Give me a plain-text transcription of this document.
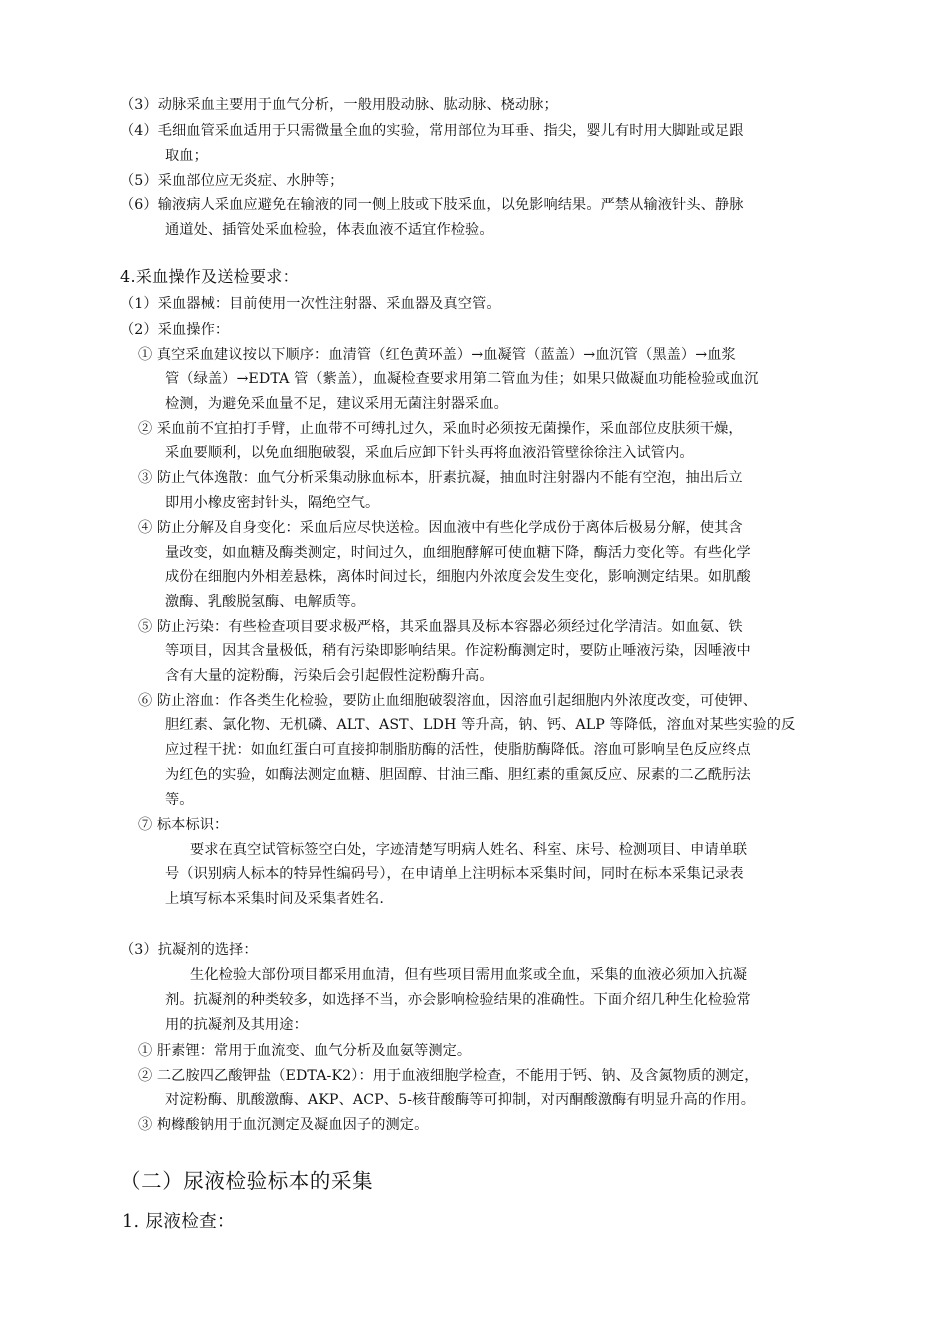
（3）动脉采血主要用于血气分析，一般用股动脉、肱动脉、桡动脉；
（4）毛细血管采血适用于只需微量全血的实验，常用部位为耳垂、指尖，婴儿有时用大脚趾或足跟
取血；
（5）采血部位应无炎症、水肿等；
（6）输液病人采血应避免在输液的同一侧上肢或下肢采血，以免影响结果。严禁从输液针头、静脉
通道处、插管处采血检验，体表血液不适宜作检验。
4.采血操作及送检要求：
（1）采血器械：目前使用一次性注射器、采血器及真空管。
（2）采血操作：
① 真空采血建议按以下顺序：血清管（红色黄环盖）→血凝管（蓝盖）→血沉管（黑盖）→血浆
管（绿盖）→EDTA 管（紫盖），血凝检查要求用第二管血为佳；如果只做凝血功能检验或血沉
检测，为避免采血量不足，建议采用无菌注射器采血。
② 采血前不宜拍打手臂，止血带不可缚扎过久，采血时必须按无菌操作，采血部位皮肤须干燥，
采血要顺利，以免血细胞破裂，采血后应卸下针头再将血液沿管壁徐徐注入试管内。
③ 防止气体逸散：血气分析采集动脉血标本，肝素抗凝，抽血时注射器内不能有空泡，抽出后立
即用小橡皮密封针头，隔绝空气。
④ 防止分解及自身变化：采血后应尽快送检。因血液中有些化学成份于离体后极易分解，使其含
量改变，如血糖及酶类测定，时间过久，血细胞酵解可使血糖下降，酶活力变化等。有些化学
成份在细胞内外相差悬株，离体时间过长，细胞内外浓度会发生变化，影响测定结果。如肌酸
激酶、乳酸脱氢酶、电解质等。
⑤ 防止污染：有些检查项目要求极严格，其采血器具及标本容器必须经过化学清洁。如血氨、铁
等项目，因其含量极低，稍有污染即影响结果。作淀粉酶测定时，要防止唾液污染，因唾液中
含有大量的淀粉酶，污染后会引起假性淀粉酶升高。
⑥ 防止溶血：作各类生化检验，要防止血细胞破裂溶血，因溶血引起细胞内外浓度改变，可使钾、
胆红素、氯化物、无机磷、ALT、AST、LDH 等升高，钠、钙、ALP 等降低，溶血对某些实验的反
应过程干扰：如血红蛋白可直接抑制脂肪酶的活性，使脂肪酶降低。溶血可影响呈色反应终点
为红色的实验，如酶法测定血糖、胆固醇、甘油三酯、胆红素的重氮反应、尿素的二乙酰肟法
等。
⑦ 标本标识：
要求在真空试管标签空白处，字迹清楚写明病人姓名、科室、床号、检测项目、申请单联
号（识别病人标本的特异性编码号），在申请单上注明标本采集时间，同时在标本采集记录表
上填写标本采集时间及采集者姓名.
（3）抗凝剂的选择：
生化检验大部份项目都采用血清，但有些项目需用血浆或全血，采集的血液必须加入抗凝
剂。抗凝剂的种类较多，如选择不当，亦会影响检验结果的准确性。下面介绍几种生化检验常
用的抗凝剂及其用途：
① 肝素锂：常用于血流变、血气分析及血氨等测定。
② 二乙胺四乙酸钾盐（EDTA-K2）：用于血液细胞学检查，不能用于钙、钠、及含氮物质的测定，
对淀粉酶、肌酸激酶、AKP、ACP、5-核苷酸酶等可抑制，对丙酮酸激酶有明显升高的作用。
③ 枸橼酸钠用于血沉测定及凝血因子的测定。
（二）尿液检验标本的采集
1. 尿液检查：
